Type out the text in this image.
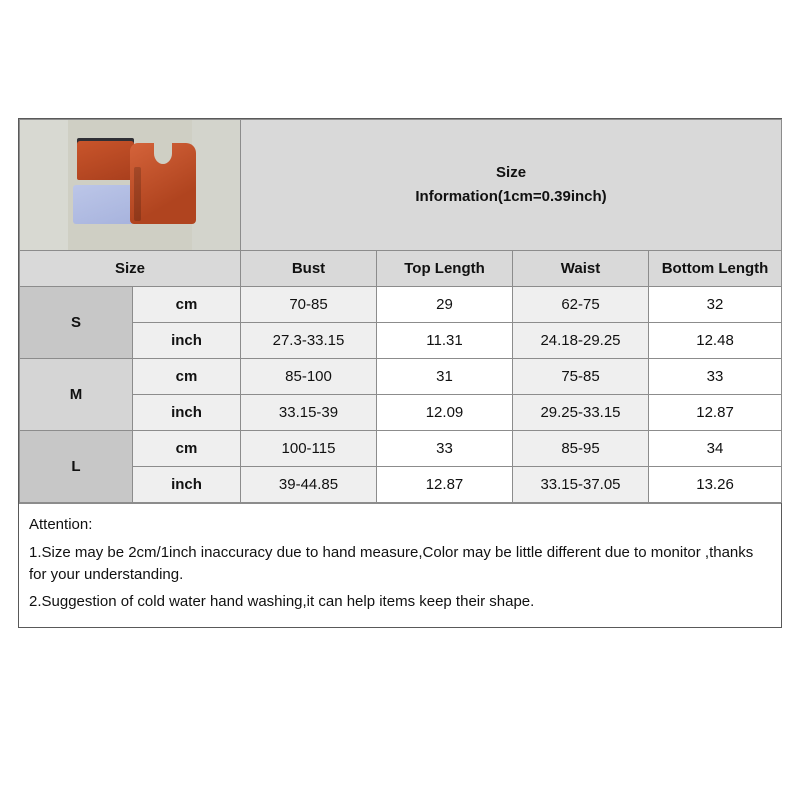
		Size
Information(1cm=0.39inch)			

Size		Bust	Top Length	Waist	Bottom Length
S	cm	70-85	29	62-75	32
	inch	27.3-33.15	11.31	24.18-29.25	12.48
M	cm	85-100	31	75-85	33
	inch	33.15-39	12.09	29.25-33.15	12.87
L	cm	100-115	33	85-95	34
	inch	39-44.85	12.87	33.15-37.05	13.26

Attention:

1.Size may be 2cm/1inch inaccuracy due to hand measure,Color may be little different due to monitor ,thanks for your understanding.

2.Suggestion of cold water hand washing,it can help items keep their shape.
